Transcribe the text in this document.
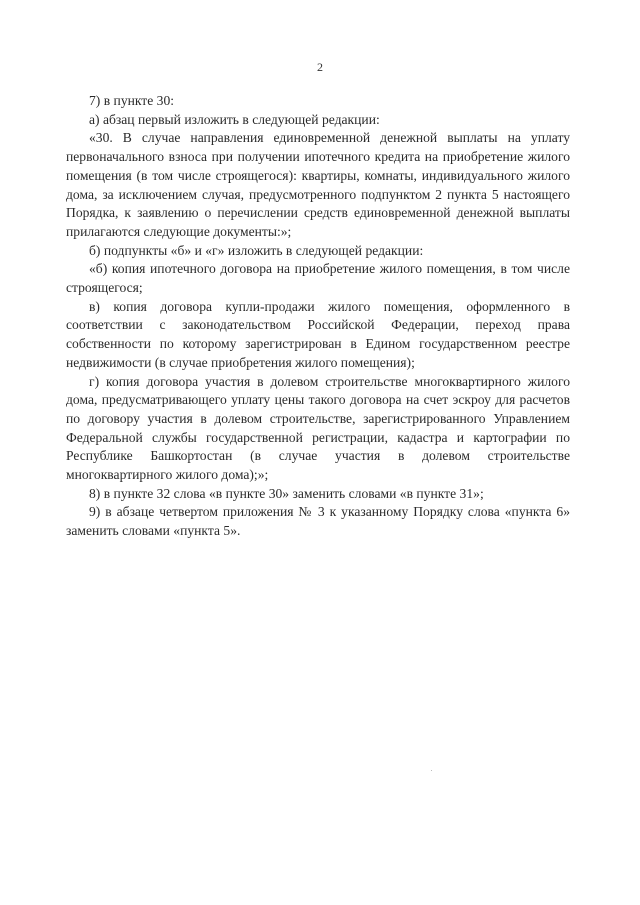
2

7) в пункте 30:

а) абзац первый изложить в следующей редакции:

«30. В случае направления единовременной денежной выплаты на уплату первоначального взноса при получении ипотечного кредита на приобретение жилого помещения (в том числе строящегося): квартиры, комнаты, индивидуального жилого дома, за исключением случая, предусмотренного подпунктом 2 пункта 5 настоящего Порядка, к заявлению о перечислении средств единовременной денежной выплаты прилагаются следующие документы:»;

б) подпункты «б» и «г» изложить в следующей редакции:

«б) копия ипотечного договора на приобретение жилого помещения, в том числе строящегося;

в) копия договора купли-продажи жилого помещения, оформленного в соответствии с законодательством Российской Федерации, переход права собственности по которому зарегистрирован в Едином государственном реестре недвижимости (в случае приобретения жилого помещения);

г) копия договора участия в долевом строительстве многоквартирного жилого дома, предусматривающего уплату цены такого договора на счет эскроу для расчетов по договору участия в долевом строительстве, зарегистрированного Управлением Федеральной службы государственной регистрации, кадастра и картографии по Республике Башкортостан (в случае участия в долевом строительстве многоквартирного жилого дома);»;

8) в пункте 32 слова «в пункте 30» заменить словами «в пункте 31»;

9) в абзаце четвертом приложения № 3 к указанному Порядку слова «пункта 6» заменить словами «пункта 5».
